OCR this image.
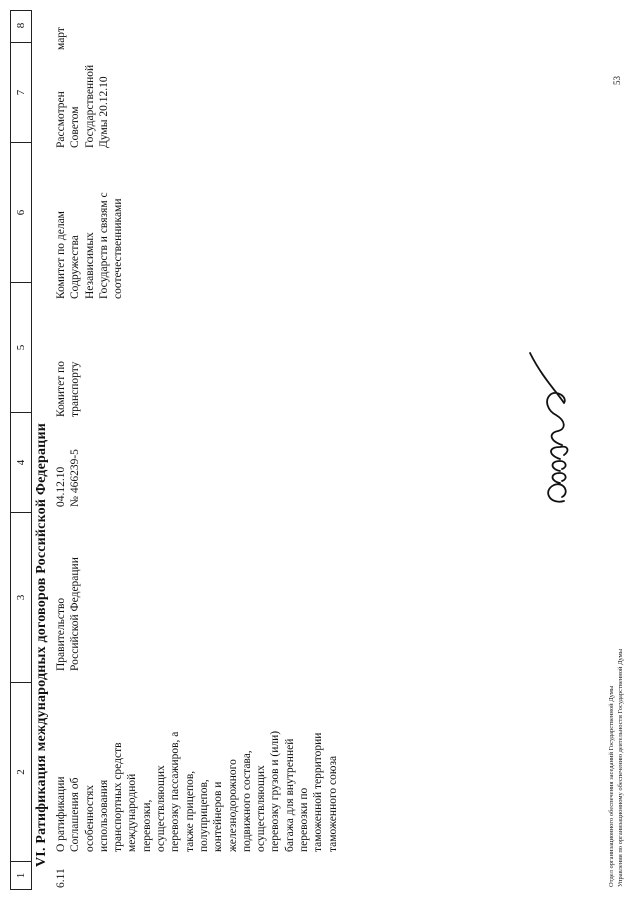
1
2
3
4
5
6
7
8
VI. Ратификация международных договоров Российской Федерации
6.11
О ратификации
Соглашения об
особенностях
использования
транспортных средств
международной
перевозки,
осуществляющих
перевозку пассажиров, а
также прицепов,
полуприцепов,
контейнеров и
железнодорожного
подвижного состава,
осуществляющих
перевозку грузов и (или)
багажа для внутренней
перевозки по
таможенной территории
таможенного союза
Правительство
Российской Федерации
04.12.10
№ 466239-5
Комитет по
транспорту
Комитет по делам
Содружества
Независимых
Государств и связям с
соотечественниками
Рассмотрен
Советом
Государственной
Думы 20.12.10
март
Отдел организационного обеспечения заседаний Государственной Думы Управления по организационному обеспечению деятельности Государственной Думы
53
